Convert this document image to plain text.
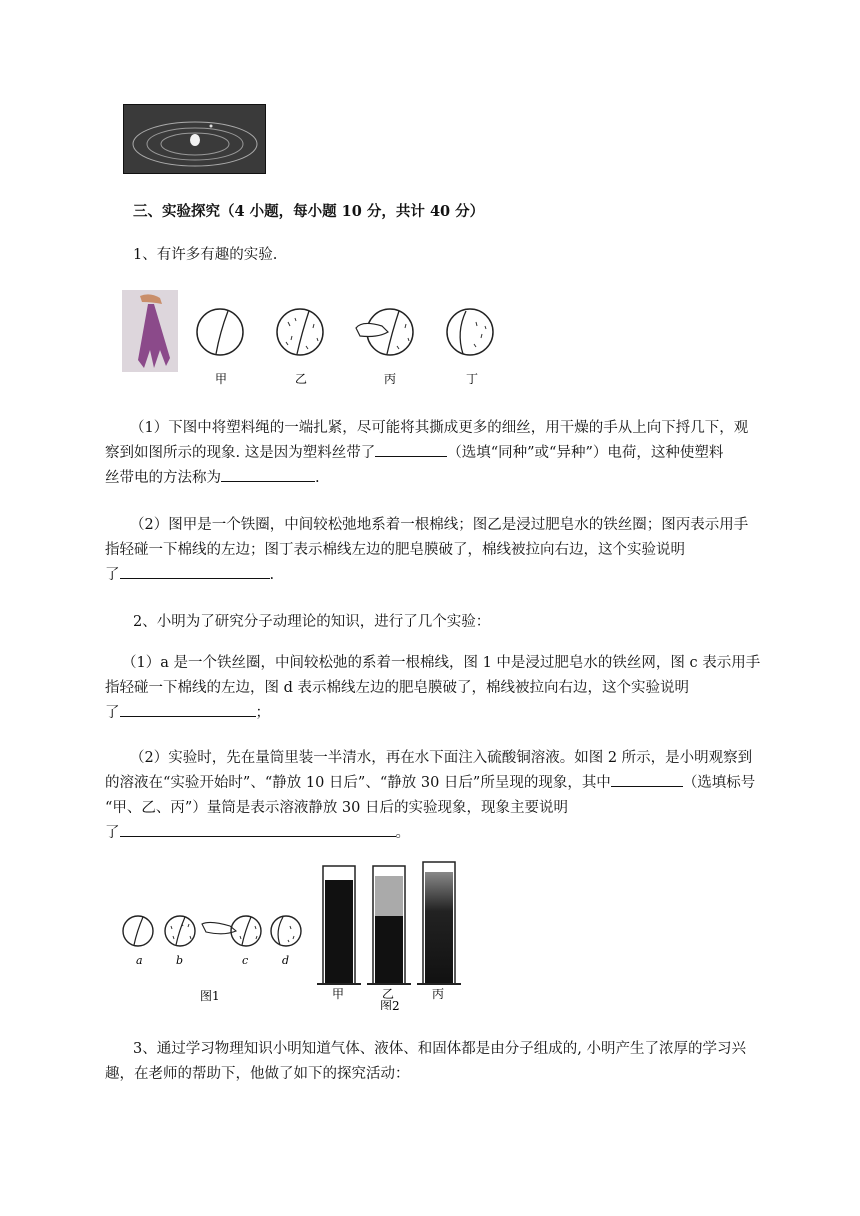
三、实验探究（4 小题，每小题 10 分，共计 40 分）
1、有许多有趣的实验.
甲	乙	丙	丁
（1）下图中将塑料绳的一端扎紧，尽可能将其撕成更多的细丝，用干燥的手从上向下捋几下，观
察到如图所示的现象. 这是因为塑料丝带了	（选填“同种”或“异种”）电荷，这种使塑料
丝带电的方法称为	.
（2）图甲是一个铁圈，中间较松弛地系着一根棉线；图乙是浸过肥皂水的铁丝圈；图丙表示用手
指轻碰一下棉线的左边；图丁表示棉线左边的肥皂膜破了，棉线被拉向右边，这个实验说明
了	.
2、小明为了研究分子动理论的知识，进行了几个实验：
（1）a 是一个铁丝圈，中间较松弛的系着一根棉线，图 1 中是浸过肥皂水的铁丝网，图 c 表示用手
指轻碰一下棉线的左边，图 d 表示棉线左边的肥皂膜破了，棉线被拉向右边，这个实验说明
了	；
（2）实验时，先在量筒里装一半清水，再在水下面注入硫酸铜溶液。如图 2 所示，是小明观察到
的溶液在“实验开始时”、“静放 10 日后”、“静放 30 日后”所呈现的现象，其中	（选填标号
“甲、乙、丙”）量筒是表示溶液静放 30 日后的实验现象，现象主要说明
了	。
a	b	c	d
图1	甲	乙	丙
图2
3、通过学习物理知识小明知道气体、液体、和固体都是由分子组成的, 小明产生了浓厚的学习兴
趣，在老师的帮助下，他做了如下的探究活动：
